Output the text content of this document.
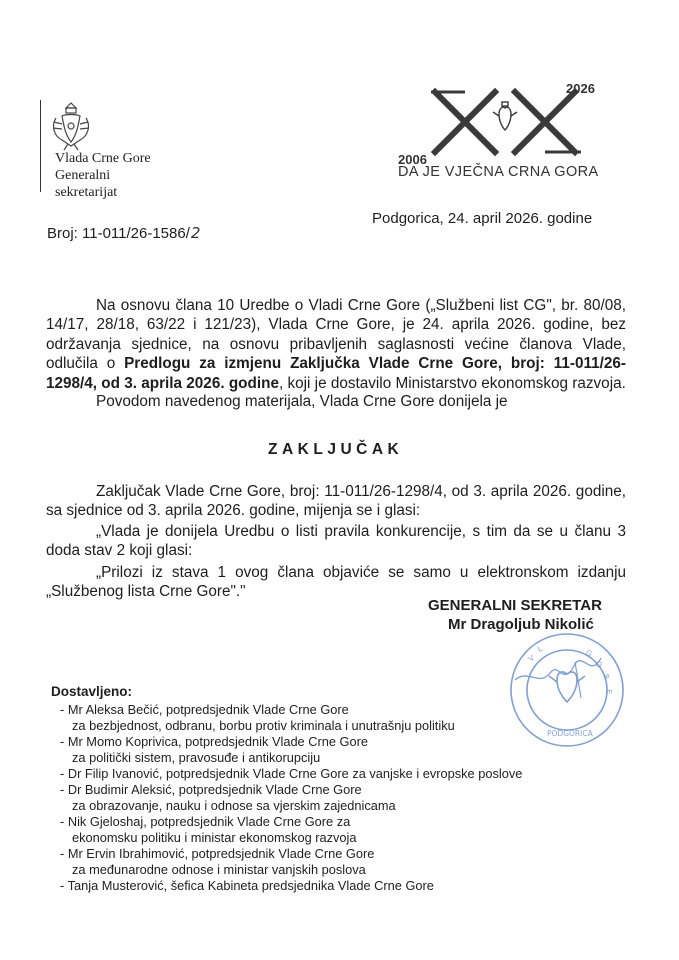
Vlada Crne Gore
Generalni
sekretarijat
2026
2006
DA JE VJEČNA CRNA GORA
Broj: 11-011/26-1586/2
Podgorica, 24. april 2026. godine
Na osnovu člana 10 Uredbe o Vladi Crne Gore („Službeni list CG", br. 80/08, 14/17, 28/18, 63/22 i 121/23), Vlada Crne Gore, je 24. aprila 2026. godine, bez održavanja sjednice, na osnovu pribavljenih saglasnosti većine članova Vlade, odlučila o Predlogu za izmjenu Zaključka Vlade Crne Gore, broj: 11-011/26-1298/4, od 3. aprila 2026. godine, koji je dostavilo Ministarstvo ekonomskog razvoja.
Povodom navedenog materijala, Vlada Crne Gore donijela je
ZAKLJUČAK
Zaključak Vlade Crne Gore, broj: 11-011/26-1298/4, od 3. aprila 2026. godine, sa sjednice od 3. aprila 2026. godine, mijenja se i glasi:
„Vlada je donijela Uredbu o listi pravila konkurencije, s tim da se u članu 3 doda stav 2 koji glasi:
„Prilozi iz stava 1 ovog člana objaviće se samo u elektronskom izdanju „Službenog lista Crne Gore"."
GENERALNI SEKRETAR
Mr Dragoljub Nikolić
V
L	G
O
R
E
PODGORICA
Dostavljeno:
- Mr Aleksa Bečić, potpredsjednik Vlade Crne Gore
za bezbjednost, odbranu, borbu protiv kriminala i unutrašnju politiku
- Mr Momo Koprivica, potpredsjednik Vlade Crne Gore
za politički sistem, pravosuđe i antikorupciju
- Dr Filip Ivanović, potpredsjednik Vlade Crne Gore za vanjske i evropske poslove
- Dr Budimir Aleksić, potpredsjednik Vlade Crne Gore
za obrazovanje, nauku i odnose sa vjerskim zajednicama
- Nik Gjeloshaj, potpredsjednik Vlade Crne Gore za
ekonomsku politiku i ministar ekonomskog razvoja
- Mr Ervin Ibrahimović, potpredsjednik Vlade Crne Gore
za međunarodne odnose i ministar vanjskih poslova
- Tanja Musterović, šefica Kabineta predsjednika Vlade Crne Gore
